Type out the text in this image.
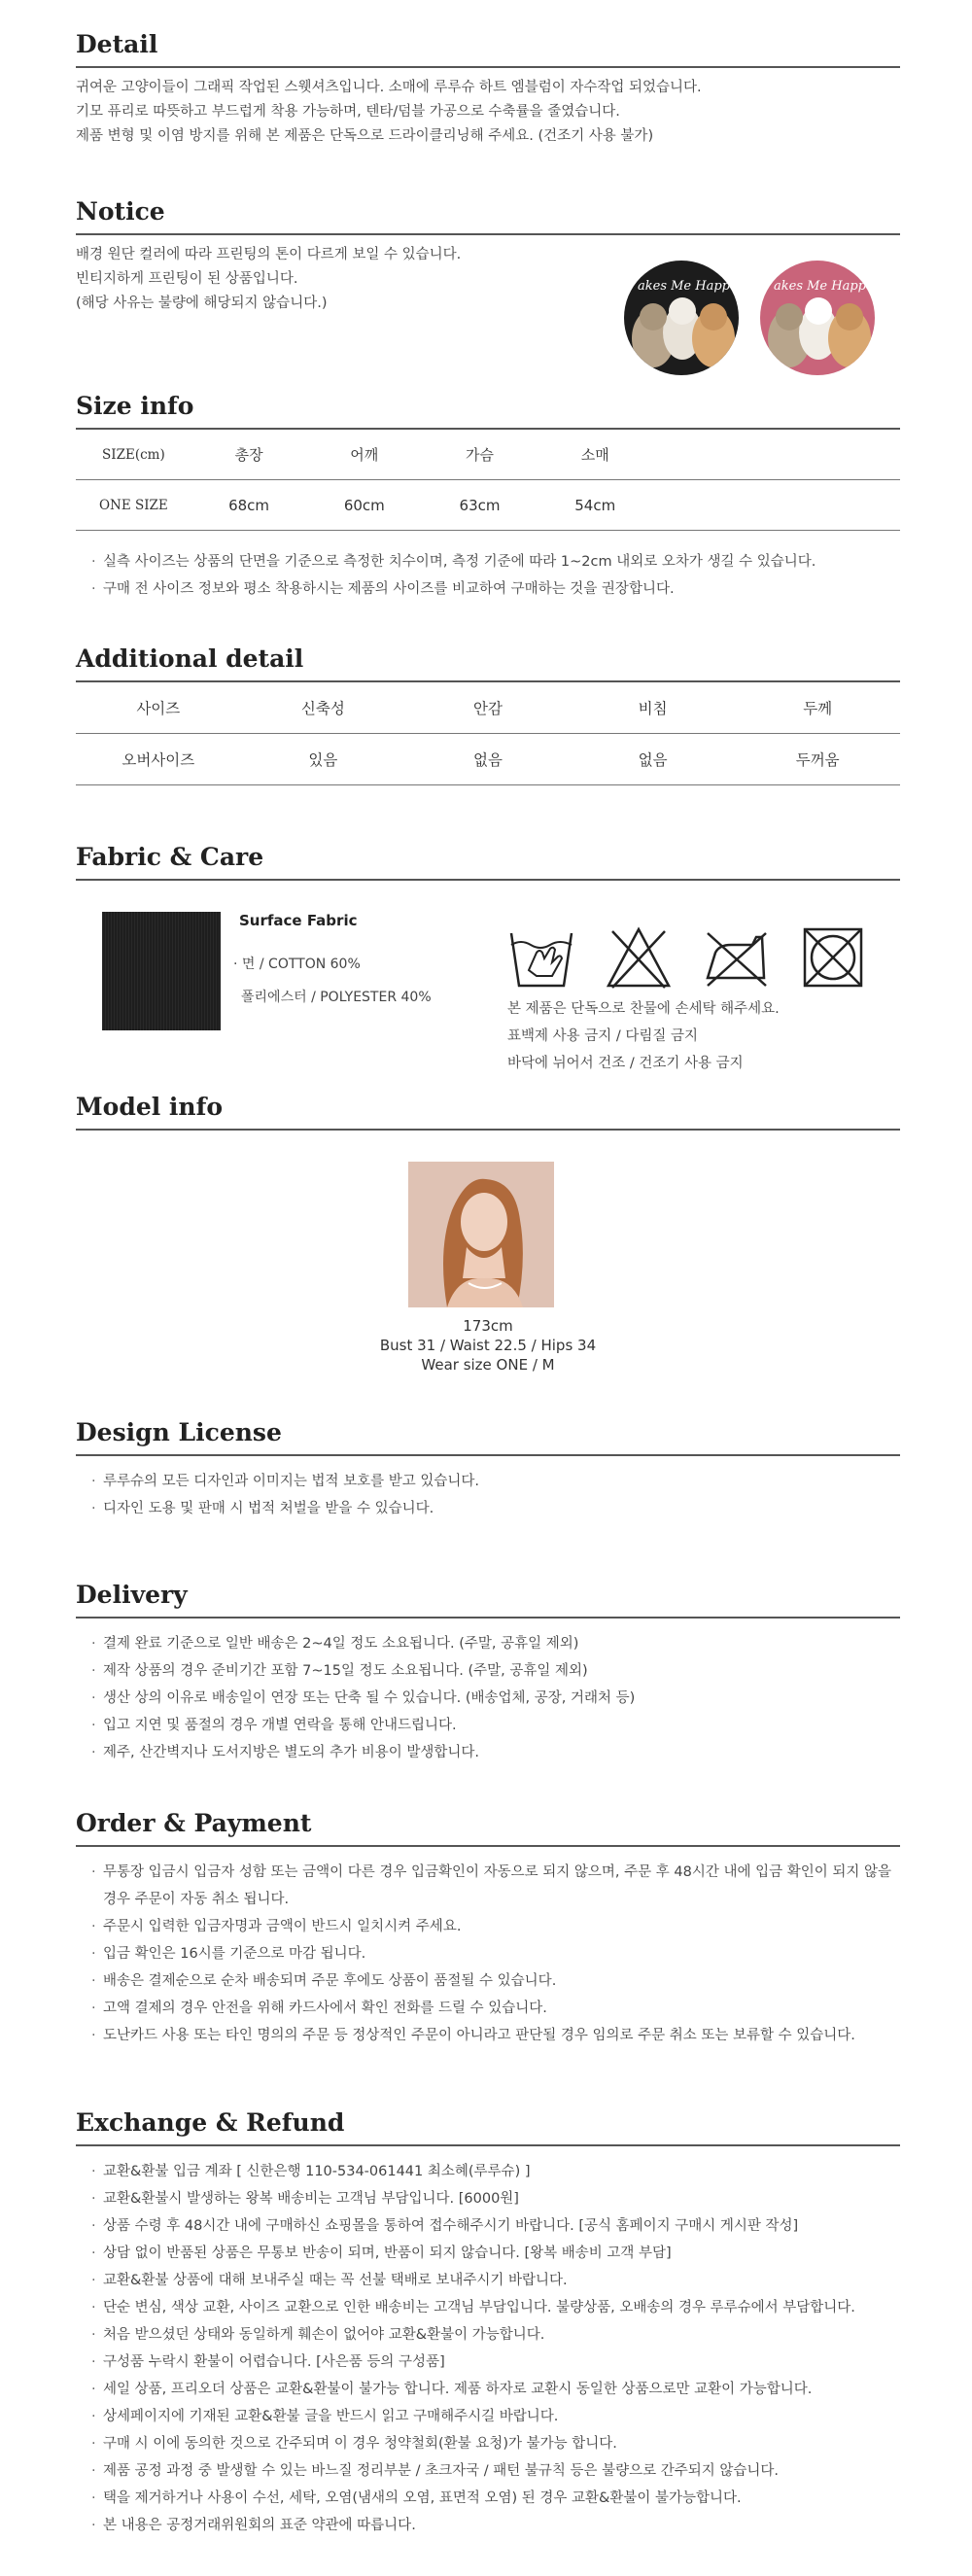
Detail
귀여운 고양이들이 그래픽 작업된 스웻셔츠입니다. 소매에 루루슈 하트 엠블럼이 자수작업 되었습니다.
기모 퓨리로 따뜻하고 부드럽게 착용 가능하며, 텐타/덤블 가공으로 수축률을 줄였습니다.
제품 변형 및 이염 방지를 위해 본 제품은 단독으로 드라이클리닝해 주세요. (건조기 사용 불가)
Notice
배경 원단 컬러에 따라 프린팅의 톤이 다르게 보일 수 있습니다.
빈티지하게 프린팅이 된 상품입니다.
(해당 사유는 불량에 해당되지 않습니다.)
akes Me Happ	akes Me Happ
Size info
SIZE(cm)	총장	어깨	가슴	소매	
ONE SIZE	68cm	60cm	63cm	54cm	
· 실측 사이즈는 상품의 단면을 기준으로 측정한 치수이며, 측정 기준에 따라 1~2cm 내외로 오차가 생길 수 있습니다.
· 구매 전 사이즈 정보와 평소 착용하시는 제품의 사이즈를 비교하여 구매하는 것을 권장합니다.
Additional detail
사이즈	신축성	안감	비침	두께
오버사이즈	있음	없음	없음	두꺼움
Fabric & Care
Surface Fabric
· 면 / COTTON 60%
폴리에스터 / POLYESTER 40%
본 제품은 단독으로 찬물에 손세탁 해주세요.
표백제 사용 금지 / 다림질 금지
바닥에 뉘어서 건조 / 건조기 사용 금지
Model info
173cm
Bust 31 / Waist 22.5 / Hips 34
Wear size ONE / M
Design License
· 루루슈의 모든 디자인과 이미지는 법적 보호를 받고 있습니다.
· 디자인 도용 및 판매 시 법적 처벌을 받을 수 있습니다.
Delivery
· 결제 완료 기준으로 일반 배송은 2~4일 정도 소요됩니다. (주말, 공휴일 제외)
· 제작 상품의 경우 준비기간 포함 7~15일 정도 소요됩니다. (주말, 공휴일 제외)
· 생산 상의 이유로 배송일이 연장 또는 단축 될 수 있습니다. (배송업체, 공장, 거래처 등)
· 입고 지연 및 품절의 경우 개별 연락을 통해 안내드립니다.
· 제주, 산간벽지나 도서지방은 별도의 추가 비용이 발생합니다.
Order & Payment
· 무통장 입금시 입금자 성함 또는 금액이 다른 경우 입금확인이 자동으로 되지 않으며, 주문 후 48시간 내에 입금 확인이 되지 않을 경우 주문이 자동 취소 됩니다.
· 주문시 입력한 입금자명과 금액이 반드시 일치시켜 주세요.
· 입금 확인은 16시를 기준으로 마감 됩니다.
· 배송은 결제순으로 순차 배송되며 주문 후에도 상품이 품절될 수 있습니다.
· 고액 결제의 경우 안전을 위해 카드사에서 확인 전화를 드릴 수 있습니다.
· 도난카드 사용 또는 타인 명의의 주문 등 정상적인 주문이 아니라고 판단될 경우 임의로 주문 취소 또는 보류할 수 있습니다.
Exchange & Refund
· 교환&환불 입금 계좌 [ 신한은행 110-534-061441 최소혜(루루슈) ]
· 교환&환불시 발생하는 왕복 배송비는 고객님 부담입니다. [6000원]
· 상품 수령 후 48시간 내에 구매하신 쇼핑몰을 통하여 접수해주시기 바랍니다. [공식 홈페이지 구매시 게시판 작성]
· 상담 없이 반품된 상품은 무통보 반송이 되며, 반품이 되지 않습니다. [왕복 배송비 고객 부담]
· 교환&환불 상품에 대해 보내주실 때는 꼭 선불 택배로 보내주시기 바랍니다.
· 단순 변심, 색상 교환, 사이즈 교환으로 인한 배송비는 고객님 부담입니다. 불량상품, 오배송의 경우 루루슈에서 부담합니다.
· 처음 받으셨던 상태와 동일하게 훼손이 없어야 교환&환불이 가능합니다.
· 구성품 누락시 환불이 어렵습니다. [사은품 등의 구성품]
· 세일 상품, 프리오더 상품은 교환&환불이 불가능 합니다. 제품 하자로 교환시 동일한 상품으로만 교환이 가능합니다.
· 상세페이지에 기재된 교환&환불 글을 반드시 읽고 구매해주시길 바랍니다.
· 구매 시 이에 동의한 것으로 간주되며 이 경우 청약철회(환불 요청)가 불가능 합니다.
· 제품 공정 과정 중 발생할 수 있는 바느질 정리부분 / 초크자국 / 패턴 불규칙 등은 불량으로 간주되지 않습니다.
· 택을 제거하거나 사용이 수선, 세탁, 오염(냄새의 오염, 표면적 오염) 된 경우 교환&환불이 불가능합니다.
· 본 내용은 공정거래위원회의 표준 약관에 따릅니다.
